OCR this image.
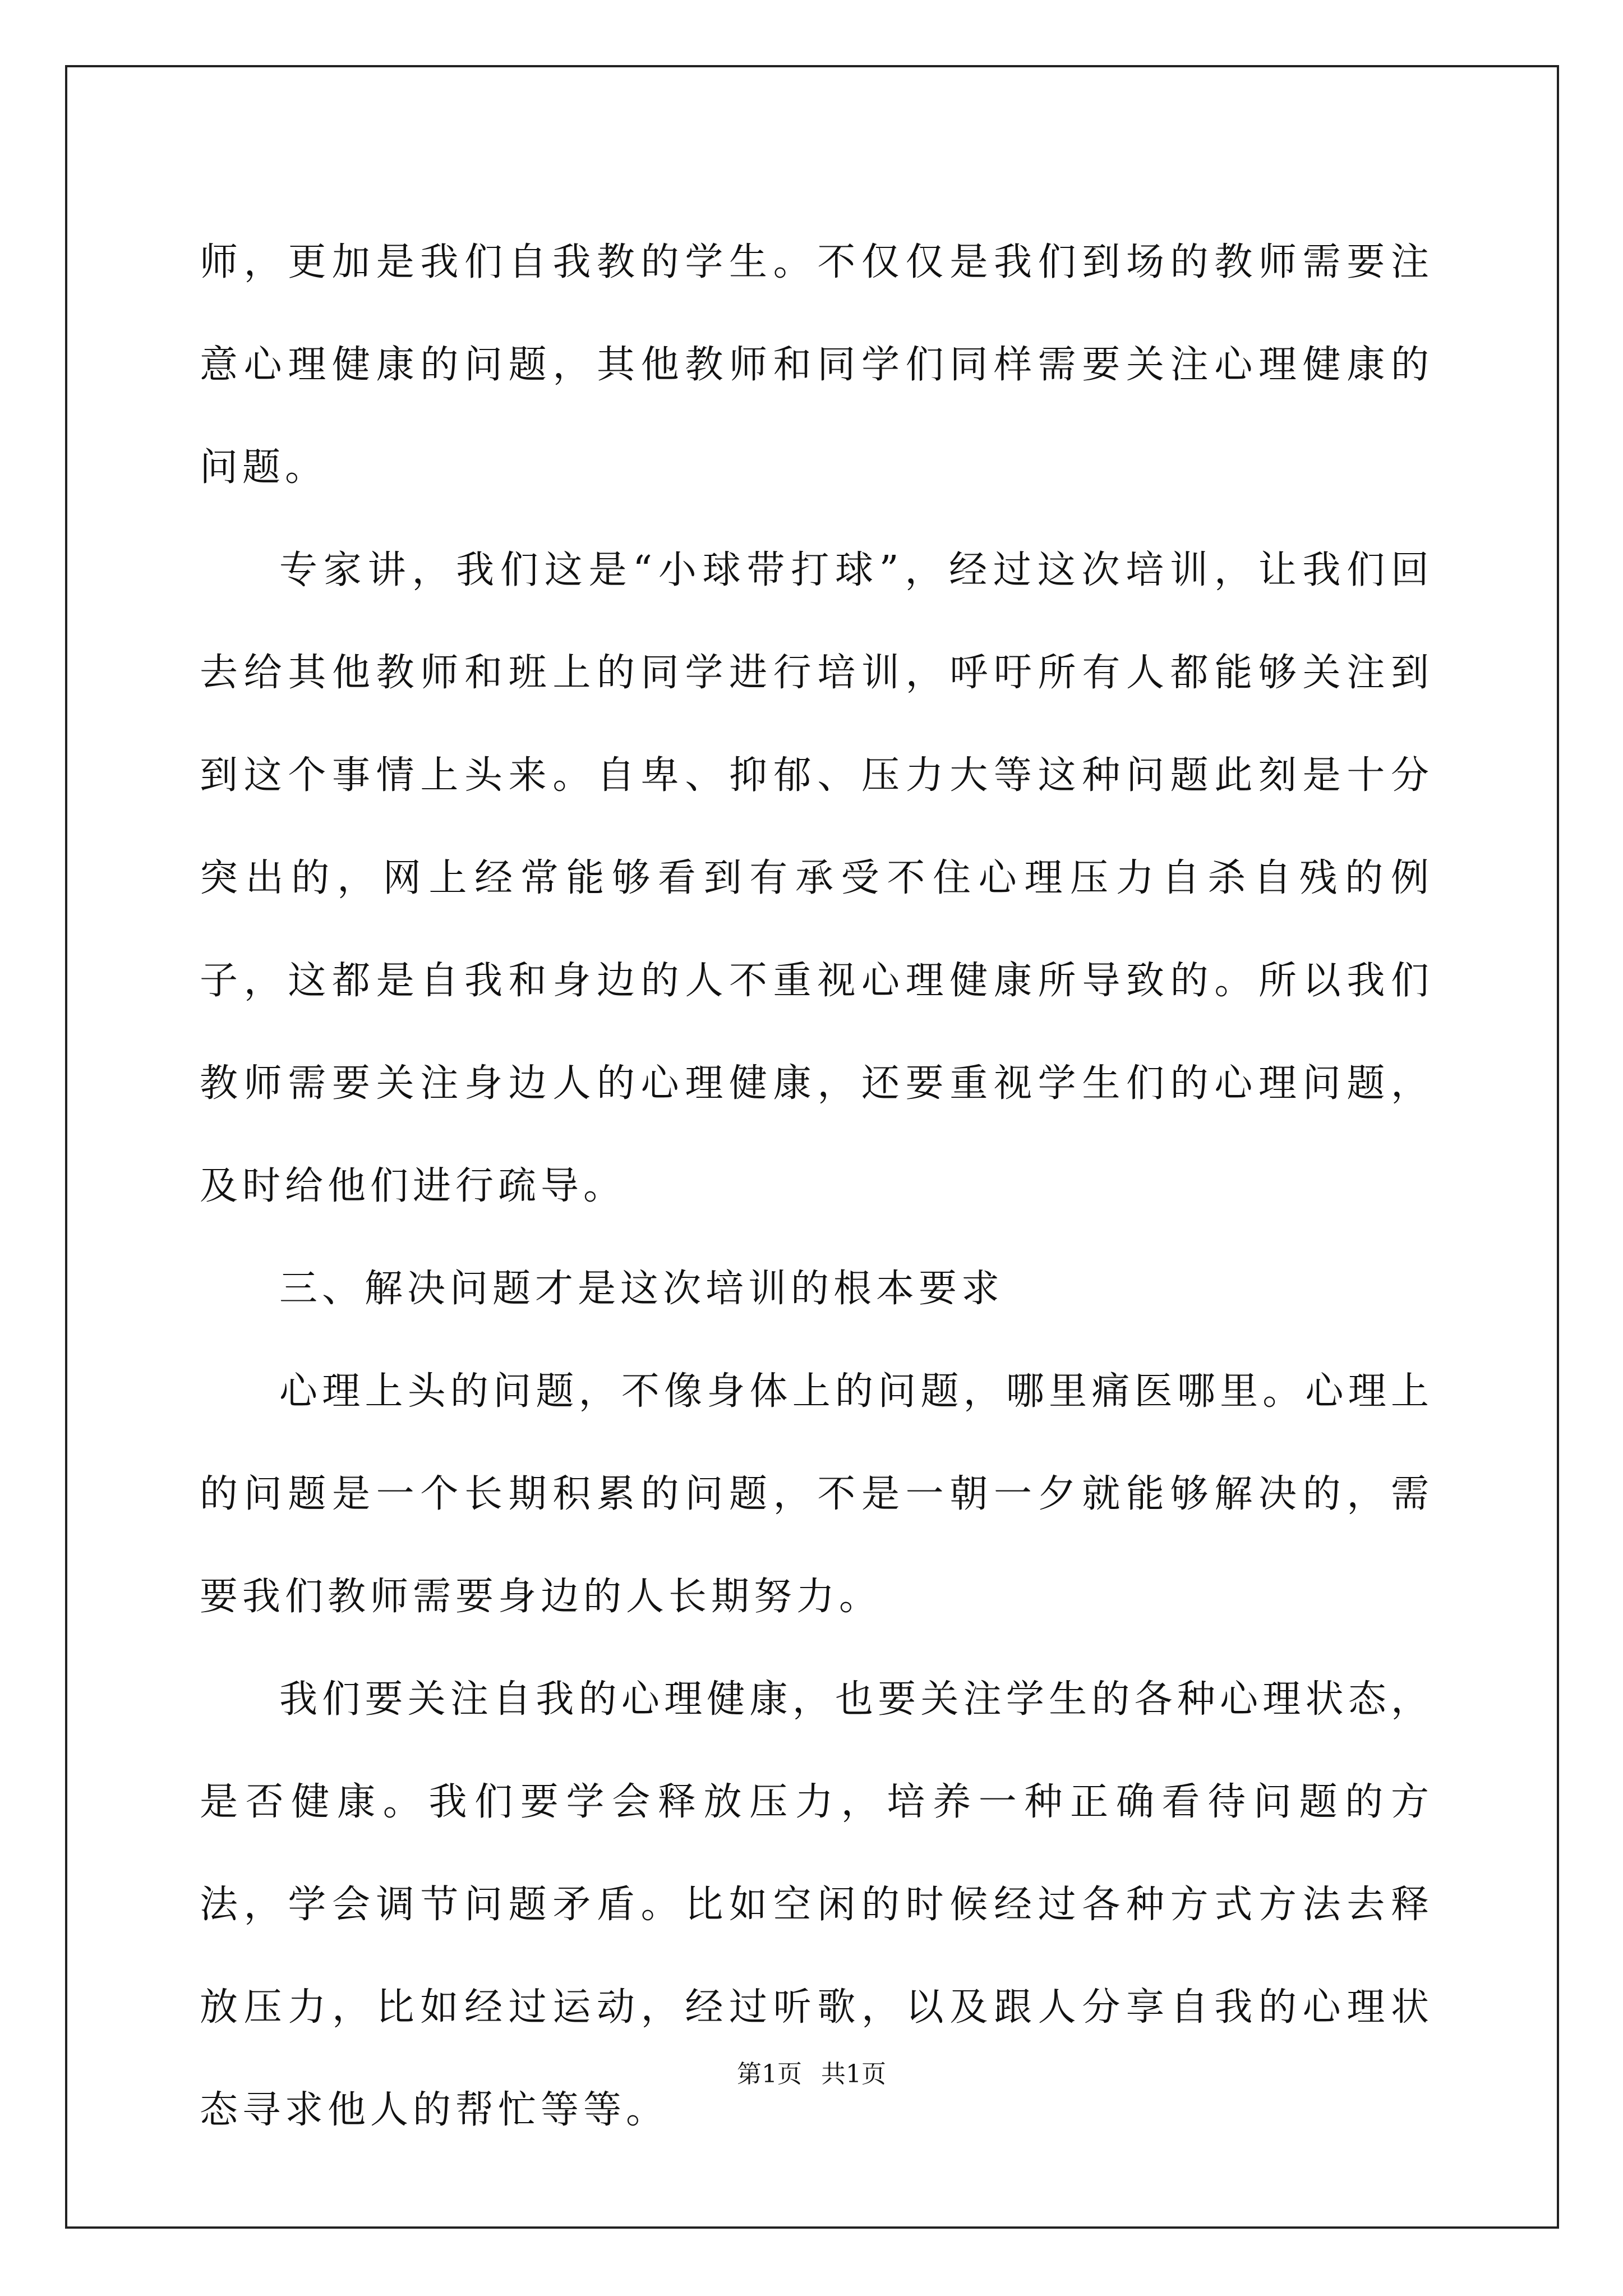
师，更加是我们自我教的学生。不仅仅是我们到场的教师需要注意心理健康的问题，其他教师和同学们同样需要关注心理健康的问题。

专家讲，我们这是“小球带打球”，经过这次培训，让我们回去给其他教师和班上的同学进行培训，呼吁所有人都能够关注到到这个事情上头来。自卑、抑郁、压力大等这种问题此刻是十分突出的，网上经常能够看到有承受不住心理压力自杀自残的例子，这都是自我和身边的人不重视心理健康所导致的。所以我们教师需要关注身边人的心理健康，还要重视学生们的心理问题，及时给他们进行疏导。

三、解决问题才是这次培训的根本要求

心理上头的问题，不像身体上的问题，哪里痛医哪里。心理上的问题是一个长期积累的问题，不是一朝一夕就能够解决的，需要我们教师需要身边的人长期努力。

我们要关注自我的心理健康，也要关注学生的各种心理状态，是否健康。我们要学会释放压力，培养一种正确看待问题的方法，学会调节问题矛盾。比如空闲的时候经过各种方式方法去释放压力，比如经过运动，经过听歌，以及跟人分享自我的心理状态寻求他人的帮忙等等。

第1页 共1页
